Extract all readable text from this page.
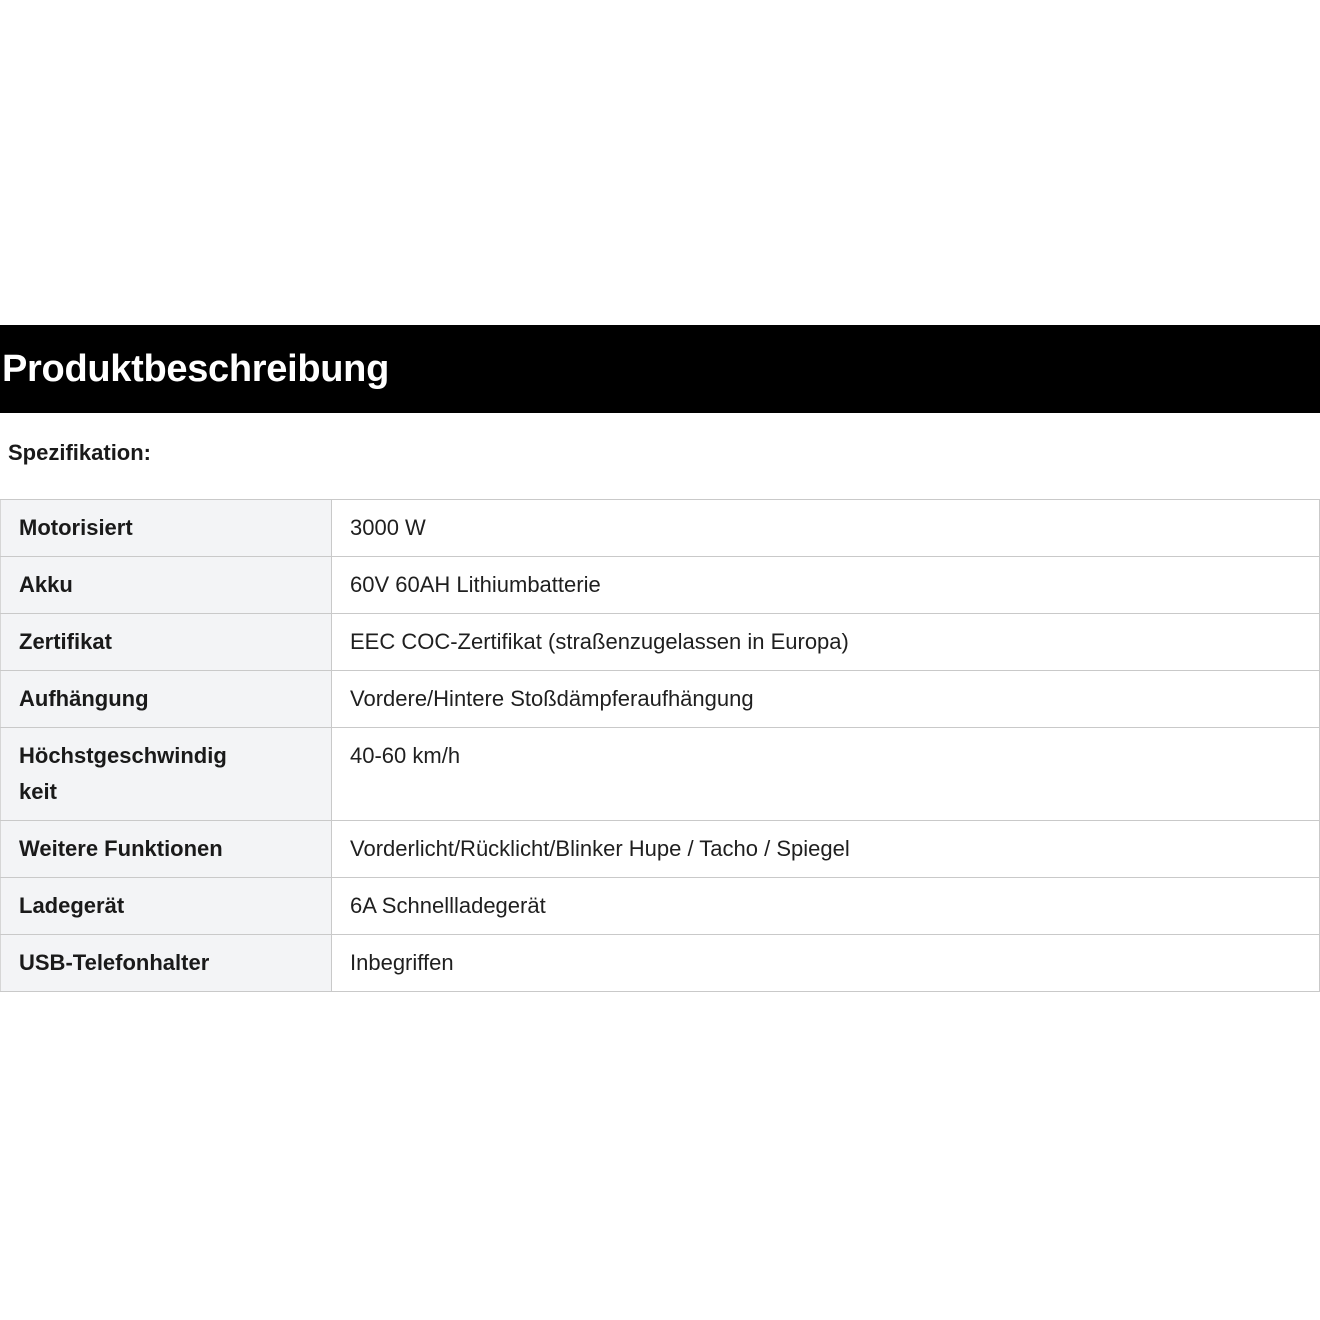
Produktbeschreibung
Spezifikation:
Motorisiert	3000 W
Akku	60V 60AH Lithiumbatterie
Zertifikat	EEC COC-Zertifikat (straßenzugelassen in Europa)
Aufhängung	Vordere/Hintere Stoßdämpferaufhängung
Höchstgeschwindig
keit	40-60 km/h
Weitere Funktionen	Vorderlicht/Rücklicht/Blinker Hupe / Tacho / Spiegel
Ladegerät	6A Schnellladegerät
USB-Telefonhalter	Inbegriffen
